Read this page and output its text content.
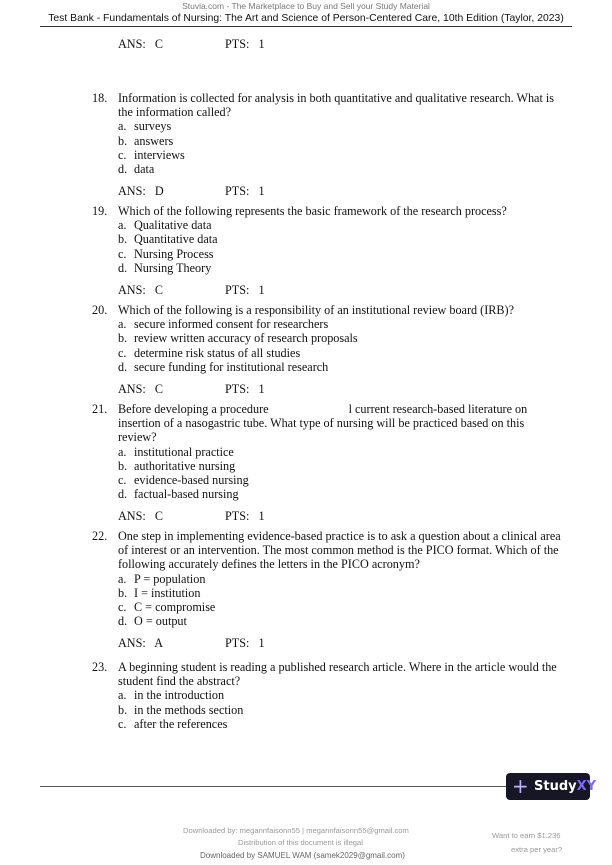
Stuvia.com - The Marketplace to Buy and Sell your Study Material
Test Bank - Fundamentals of Nursing: The Art and Science of Person-Centered Care, 10th Edition (Taylor, 2023)
ANS:   C	PTS:   1
18. Information is collected for analysis in both quantitative and qualitative research. What is the information called?
a. surveys
b. answers
c. interviews
d. data
ANS:   D	PTS:   1
19. Which of the following represents the basic framework of the research process?
a. Qualitative data
b. Quantitative data
c. Nursing Process
d. Nursing Theory
ANS:   C	PTS:   1
20. Which of the following is a responsibility of an institutional review board (IRB)?
a. secure informed consent for researchers
b. review written accuracy of research proposals
c. determine risk status of all studies
d. secure funding for institutional research
ANS:   C	PTS:   1
21. Before developing a procedure	l current research-based literature on insertion of a nasogastric tube. What type of nursing will be practiced based on this review?
a. institutional practice
b. authoritative nursing
c. evidence-based nursing
d. factual-based nursing
ANS:   C	PTS:   1
22. One step in implementing evidence-based practice is to ask a question about a clinical area of interest or an intervention. The most common method is the PICO format. Which of the following accurately defines the letters in the PICO acronym?
a. P = population
b. I = institution
c. C = compromise
d. O = output
ANS:   A	PTS:   1
23. A beginning student is reading a published research article. Where in the article would the student find the abstract?
a. in the introduction
b. in the methods section
c. after the references
+ StudyXY
Downloaded by: megannfaisonn55 | megannfaisonn55@gmail.com
Distribution of this document is illegal
Downloaded by SAMUEL WAM (samek2029@gmail.com)
Want to earn $1.236
extra per year?
